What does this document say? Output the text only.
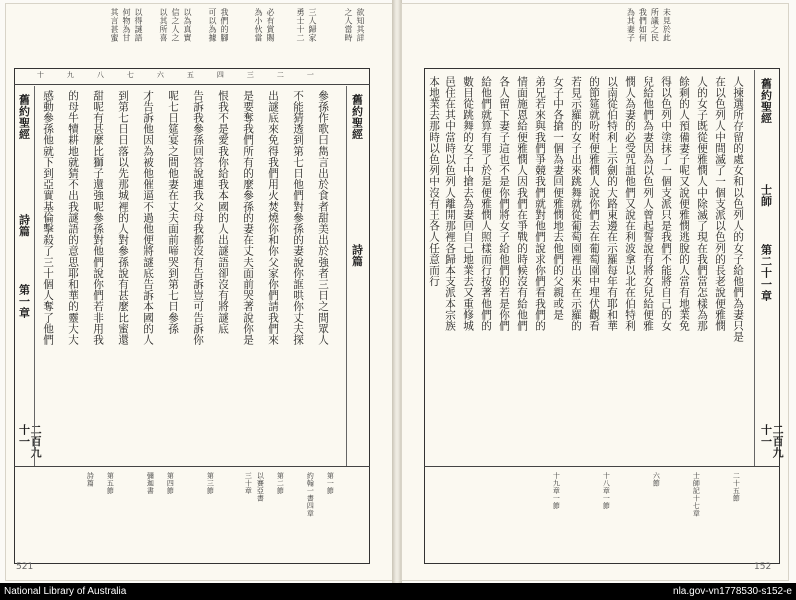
其言甚蜜 何物為甘 以得謎語 以其所喜 信之人之 以為真實 可以為據 我們的腳	為小伙當 必有賞賜	勇士十二 三人歸家	之人當時 欲知其詳
十	九	八	七	六	五	四	三	二	一
舊約聖經
詩篇
舊約聖經
詩篇
第一章
二百九十一
參孫作歌曰雋言出於食者甜美出於強者三日之間眾人
不能猜透到第七日他們對參孫的妻說你誆哄你丈夫探
出謎底來免得我們用火焚燒你和你父家你們請我們來
是要奪我們所有的麼參孫的妻在丈夫面前哭著說你是
恨我不是愛我你給我本國的人出謎語卻沒有將謎底
告訴我參孫回答說連我父母我都沒有告訴豈可告訴你
呢七日筵宴之間他妻在丈夫面前啼哭到第七日參孫
才告訴他因為被他催逼不過他便將謎底告訴本國的人
到第七日日落以先那城裡的人對參孫說有甚麼比蜜還
甜呢有甚麼比獅子還強呢參孫對他們說你們若非用我
的母牛犢耕地就猜不出我謎語的意思耶和華的靈大大
感動參孫他就下到亞實基倫擊殺了三十個人奪了他們
第一節
約翰一書四章
第二節
以賽亞書
三十章
第三節
第四節
彌迦書
第五節
詩篇
521
未見於此
所議之民
我們如何
為其妻子
舊約聖經
士師
第二十一章
二百九十一
人揀選所存留的處女和以色列人的女子給他們為妻只是
在以色列人中間滅了一個支派以色列的長老說便雅憫
人的女子既從便雅憫人中除滅了現在我們當怎樣為那
餘剩的人預備妻子呢又說便雅憫逃脫的人當有地業免
得以色列中塗抹了一個支派只是我們不能將自己的女
兒給他們為妻因為以色列人曾起誓說有將女兒給便雅
憫人為妻的必受咒詛他們又說在利波拿以北在伯特利
以南從伯特利上示劍的大路東邊在示羅每年有耶和華
的節筵就吩咐便雅憫人說你們去在葡萄園中埋伏觀看
若見示羅的女子出來跳舞就從葡萄園裡出來在示羅的
女子中各搶一個為妻回便雅憫地去他們的父親或是
弟兄若來與我們爭競我們就對他們說求你們看我們的
情面施恩給便雅憫人因我們在爭戰的時候沒有給他們
各人留下妻子這也不是你們將女子給他們的若是你們
給他們就算有罪了於是便雅憫人照樣而行按著他們的
數目從跳舞的女子中搶去為妻回自己地業去又重修城
邑住在其中當時以色列人離開那裡各歸本支派本宗族
本地業去那時以色列中沒有王各人任意而行
二十五節
士師記十七章
六節
十八章一節
十九章一節
152
National Library of Australia	nla.gov-vn1778530-s152-e
